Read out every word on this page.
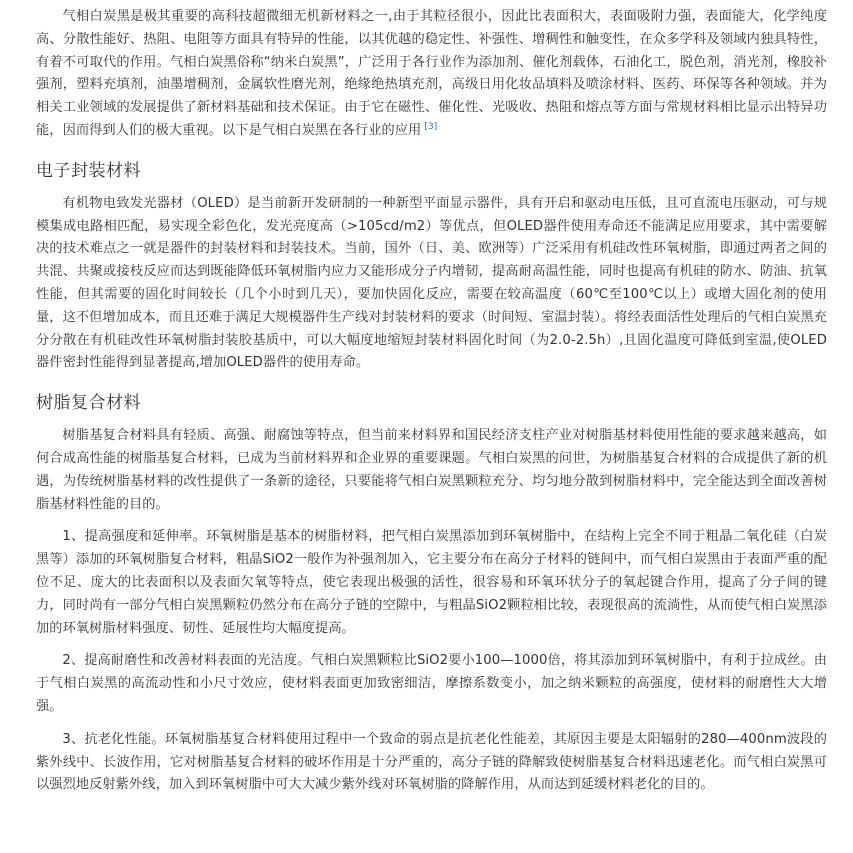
气相白炭黑是极其重要的高科技超微细无机新材料之一,由于其粒径很小，因此比表面积大，表面吸附力强，表面能大，化学纯度高、分散性能好、热阻、电阻等方面具有特异的性能，以其优越的稳定性、补强性、增稠性和触变性，在众多学科及领域内独具特性，有着不可取代的作用。气相白炭黑俗称“纳米白炭黑”，广泛用于各行业作为添加剂、催化剂载体，石油化工，脱色剂，消光剂，橡胶补强剂，塑料充填剂，油墨增稠剂，金属软性磨光剂，绝缘绝热填充剂，高级日用化妆品填料及喷涂材料、医药、环保等各种领域。并为相关工业领域的发展提供了新材料基础和技术保证。由于它在磁性、催化性、光吸收、热阻和熔点等方面与常规材料相比显示出特异功能，因而得到人们的极大重视。以下是气相白炭黑在各行业的应用 [3]

电子封装材料

有机物电致发光器材（OLED）是当前新开发研制的一种新型平面显示器件，具有开启和驱动电压低，且可直流电压驱动，可与规模集成电路相匹配，易实现全彩色化，发光亮度高（>105cd/m2）等优点，但OLED器件使用寿命还不能满足应用要求，其中需要解决的技术难点之一就是器件的封装材料和封装技术。当前，国外（日、美、欧洲等）广泛采用有机硅改性环氧树脂，即通过两者之间的共混、共聚或接枝反应而达到既能降低环氧树脂内应力又能形成分子内增韧，提高耐高温性能，同时也提高有机硅的防水、防油、抗氧性能，但其需要的固化时间较长（几个小时到几天），要加快固化反应，需要在较高温度（60℃至100℃以上）或增大固化剂的使用量，这不但增加成本，而且还难于满足大规模器件生产线对封装材料的要求（时间短、室温封装）。将经表面活性处理后的气相白炭黑充分分散在有机硅改性环氧树脂封装胶基质中，可以大幅度地缩短封装材料固化时间（为2.0-2.5h）,且固化温度可降低到室温,使OLED器件密封性能得到显著提高,增加OLED器件的使用寿命。

树脂复合材料

树脂基复合材料具有轻质、高强、耐腐蚀等特点，但当前来材料界和国民经济支柱产业对树脂基材料使用性能的要求越来越高，如何合成高性能的树脂基复合材料，已成为当前材料界和企业界的重要课题。气相白炭黑的问世，为树脂基复合材料的合成提供了新的机遇，为传统树脂基材料的改性提供了一条新的途径，只要能将气相白炭黑颗粒充分、均匀地分散到树脂材料中，完全能达到全面改善树脂基材料性能的目的。

1、提高强度和延伸率。环氧树脂是基本的树脂材料，把气相白炭黑添加到环氧树脂中，在结构上完全不同于粗晶二氧化硅（白炭黑等）添加的环氧树脂复合材料，粗晶SiO2一般作为补强剂加入，它主要分布在高分子材料的链间中，而气相白炭黑由于表面严重的配位不足、庞大的比表面积以及表面欠氧等特点，使它表现出极强的活性，很容易和环氧环状分子的氧起键合作用，提高了分子间的键力，同时尚有一部分气相白炭黑颗粒仍然分布在高分子链的空隙中，与粗晶SiO2颗粒相比较，表现很高的流淌性，从而使气相白炭黑添加的环氧树脂材料强度、韧性、延展性均大幅度提高。

2、提高耐磨性和改善材料表面的光洁度。气相白炭黑颗粒比SiO2要小100—1000倍，将其添加到环氧树脂中，有利于拉成丝。由于气相白炭黑的高流动性和小尺寸效应，使材料表面更加致密细洁，摩擦系数变小，加之纳米颗粒的高强度，使材料的耐磨性大大增强。

3、抗老化性能。环氧树脂基复合材料使用过程中一个致命的弱点是抗老化性能差，其原因主要是太阳辐射的280—400nm波段的紫外线中、长波作用，它对树脂基复合材料的破坏作用是十分严重的，高分子链的降解致使树脂基复合材料迅速老化。而气相白炭黑可以强烈地反射紫外线，加入到环氧树脂中可大大减少紫外线对环氧树脂的降解作用，从而达到延缓材料老化的目的。
